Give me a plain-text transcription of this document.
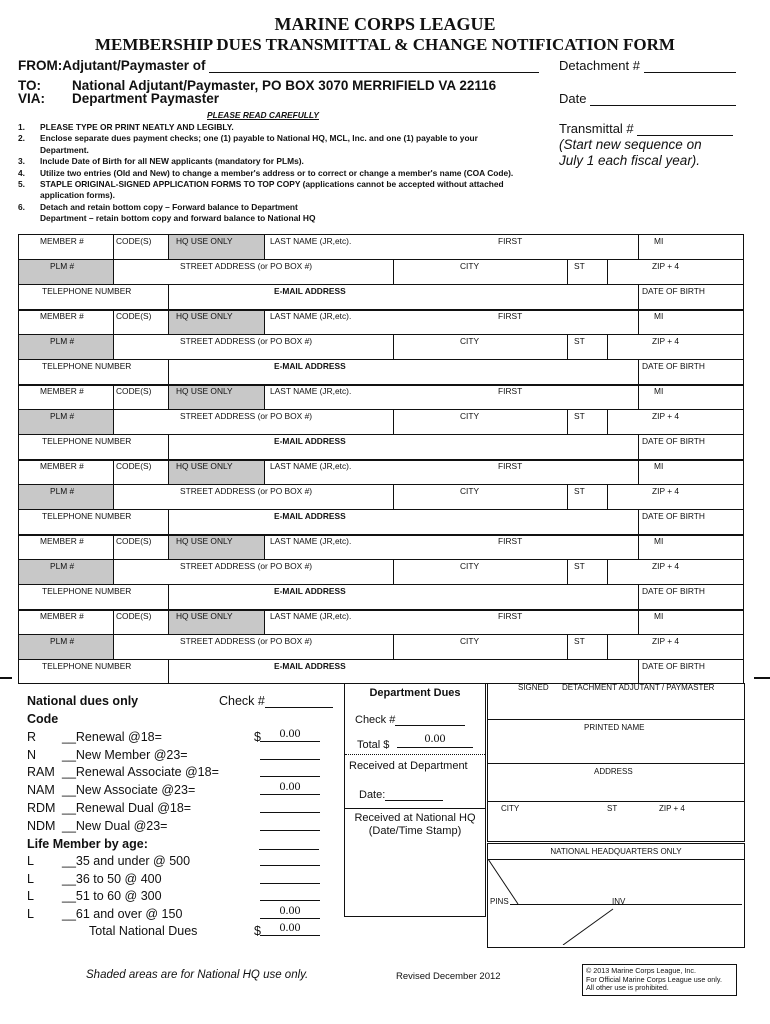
MARINE CORPS LEAGUE
MEMBERSHIP DUES TRANSMITTAL & CHANGE NOTIFICATION FORM
FROM:Adjutant/Paymaster of
TO: National Adjutant/Paymaster, PO BOX 3070 MERRIFIELD VA 22116
VIA: Department Paymaster
Detachment #
Date
Transmittal #
(Start new sequence on
July 1 each fiscal year).
PLEASE READ CAREFULLY
1. PLEASE TYPE OR PRINT NEATLY AND LEGIBLY.
2. Enclose separate dues payment checks; one (1) payable to National HQ, MCL, Inc. and one (1) payable to your
Department.
3. Include Date of Birth for all NEW applicants (mandatory for PLMs).
4. Utilize two entries (Old and New) to change a member's address or to correct or change a member's name (COA Code).
5. STAPLE ORIGINAL-SIGNED APPLICATION FORMS TO TOP COPY (applications cannot be accepted without attached
application forms).
6. Detach and retain bottom copy – Forward balance to Department
Department – retain bottom copy and forward balance to National HQ
MEMBER #	CODE(S)	HQ USE ONLY	LAST NAME (JR,etc).	FIRST	MI
PLM #	STREET ADDRESS (or PO BOX #)	CITY	ST	ZIP + 4
TELEPHONE NUMBER	E-MAIL ADDRESS	DATE OF BIRTH
MEMBER #	CODE(S)	HQ USE ONLY	LAST NAME (JR,etc).	FIRST	MI
PLM #	STREET ADDRESS (or PO BOX #)	CITY	ST	ZIP + 4
TELEPHONE NUMBER	E-MAIL ADDRESS	DATE OF BIRTH
MEMBER #	CODE(S)	HQ USE ONLY	LAST NAME (JR,etc).	FIRST	MI
PLM #	STREET ADDRESS (or PO BOX #)	CITY	ST	ZIP + 4
TELEPHONE NUMBER	E-MAIL ADDRESS	DATE OF BIRTH
MEMBER #	CODE(S)	HQ USE ONLY	LAST NAME (JR,etc).	FIRST	MI
PLM #	STREET ADDRESS (or PO BOX #)	CITY	ST	ZIP + 4
TELEPHONE NUMBER	E-MAIL ADDRESS	DATE OF BIRTH
MEMBER #	CODE(S)	HQ USE ONLY	LAST NAME (JR,etc).	FIRST	MI
PLM #	STREET ADDRESS (or PO BOX #)	CITY	ST	ZIP + 4
TELEPHONE NUMBER	E-MAIL ADDRESS	DATE OF BIRTH
MEMBER #	CODE(S)	HQ USE ONLY	LAST NAME (JR,etc).	FIRST	MI
PLM #	STREET ADDRESS (or PO BOX #)	CITY	ST	ZIP + 4
TELEPHONE NUMBER	E-MAIL ADDRESS	DATE OF BIRTH
National dues only	Check #
Code
R __Renewal @18=	$	0.00
N __New Member @23=
RAM __Renewal Associate @18=
NAM __New Associate @23=	0.00
RDM __Renewal Dual @18=
NDM __New Dual @23=
Life Member by age:
L __35 and under @ 500
L __36 to 50 @ 400
L __51 to 60 @ 300
L __61 and over @ 150	0.00
Total National Dues	$	0.00
Department Dues
Check #
Total $	0.00
Received at Department
Date:
Received at National HQ
(Date/Time Stamp)
SIGNED DETACHMENT ADJUTANT / PAYMASTER
PRINTED NAME
ADDRESS
CITY	ST	ZIP + 4
NATIONAL HEADQUARTERS ONLY
PINS	INV
Shaded areas are for National HQ use only.	Revised December 2012
© 2013 Marine Corps League, Inc.
For Official Marine Corps League use only.
All other use is prohibited.
